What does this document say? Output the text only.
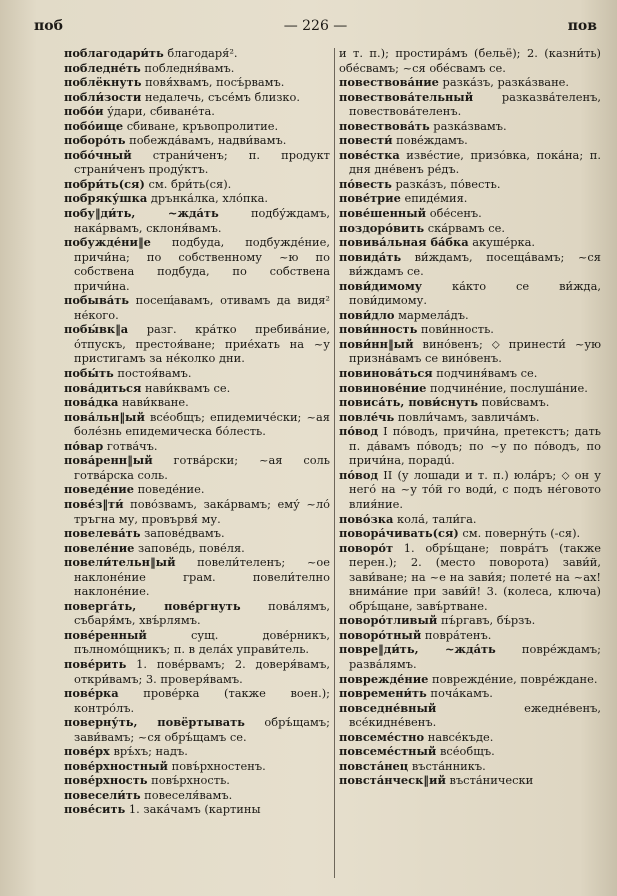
поб	— 226 —	пов

поблагодари́ть благодаря́².

побледне́ть побледня́вамъ.

поблёкнуть повя́хвамъ, посъ́рвамъ.

побли́зости недалечь, съсе́мъ близко.

побо́и у́дари, сбиване́та.

побо́ище сбиване, кръвопролитие.

поборо́ть побежда́вамъ, надви́вамъ.

побо́чный страни́ченъ; п. продукт страни́ченъ проду́ктъ.

побри́ть(ся) см. бри́ть(ся).

побряку́шка дрънка́лка, хло́пка.

побу‖ди́ть, ~жда́ть подбу́ждамъ, нака́рвамъ, склоня́вамъ.

побужде́ни‖е подбуда, подбужде́ние, причи́на; по собственному ~ю по собствена подбуда, по собствена причи́на.

побыва́ть посещ́авамъ, отивамъ да видя² не́кого.

побы́вк‖а разг. кра́тко пребива́ние, о́тпускъ, престоя́ване; прие́хать на ~у пристигамъ за не́колко дни.

побы́ть постоя́вамъ.

пова́диться нави́квамъ се.

пова́дка нави́кване.

пова́льн‖ый все́общъ; епидемиче́ски; ~ая боле́знь епидемическа бо́лесть.

по́вар готва́чъ.

пова́ренн‖ый готва́рски; ~ая соль готва́рска соль.

поведе́ние поведе́ние.

пове́з‖ти́ пово́звамъ, зака́рвамъ; ему́ ~ло́ тръгна му, провървя́ му.

повелева́ть запове́двамъ.

повеле́ние запове́дь, пове́ля.

повели́тельн‖ый повели́теленъ; ~ое наклоне́ние грам. повели́телно наклоне́ние.

поверга́ть, пове́ргнуть пова́лямъ, събаря́мъ, хвъ́рлямъ.

пове́ренный сущ. дове́рникъ, пълномо́щникъ; п. в дела́х управи́тель.

пове́рить 1. пове́рвамъ; 2. довеpя́вамъ, откри́вамъ; 3. провеpя́вамъ.

пове́рка прове́рка (также воен.); контро́лъ.

поверну́ть, повёртывать обръ́щамъ; зави́вамъ; ~ся обръ́щамъ се.

пове́рх връ́хъ; надъ.

пове́рхностный повъ́рхностенъ.

пове́рхность повъ́рхность.

повесели́ть повеселя́вамъ.

пове́сить 1. зака́чамъ (картины

и т. п.); простиpа́мъ (бельё); 2. (казни́ть) обе́свамъ; ~ся обе́свамъ се.

повествова́ние разка́зъ, разка́зване.

повествова́тельный разказва́теленъ, повествова́теленъ.

повествова́ть разка́звамъ.

повести́ пове́ждамъ.

пове́стка изве́стие, призо́вка, пока́на; п. дня дне́венъ ре́дъ.

по́весть разка́зъ, по́весть.

пове́трие епиде́мия.

пове́шенный обе́сенъ.

поздоро́вить ска́рвамъ се.

повива́льная ба́бка акуше́рка.

повида́ть ви́ждамъ, посеща́вамъ; ~ся ви́ждамъ се.

пови́димому ка́кто се ви́жда, пови́димому.

пови́дло мармела́дъ.

пови́нность пови́нность.

пови́нн‖ый вино́венъ; ⬦ принести́ ~ую призна́вамъ се вино́венъ.

повинова́ться подчиня́вамъ се.

повинове́ние подчине́ние, послуша́ние.

повиса́ть, пови́снуть пови́свамъ.

повле́чь повли́чамъ, завлича́мъ.

по́вод I по́водъ, причи́на, претекстъ; дать п. да́вамъ по́водъ; по ~у по по́водъ, по причи́на, порадú.

по́вод II (у лошади и т. п.) юла́ръ; ⬦ он у него́ на ~у то́й го води́, с подъ не́говото влия́ние.

пово́зка кола́, тали́га.

повора́чивать(ся) см. поверну́ть (-ся).

поворо́т 1. обръ́щане; повра́тъ (также перен.); 2. (место поворота) зави́й, зави́ване; на ~е на зави́я; полете́ на ~ах! внима́ние при зави́й! 3. (колеса, ключа) обръ́щане, завъ́ртване.

поворо́тливый пъ́ргавъ, бъ́рзъ.

поворо́тный повра́тенъ.

повре‖ди́ть, ~жда́ть повре́ждамъ; разва́лямъ.

поврежде́ние поврежде́ние, повре́ждане.

повремени́ть поча́камъ.

повседне́вный ежедне́венъ, все́кидне́венъ.

повсеме́стно навсе́къде.

повсеме́стный все́общъ.

повста́нец въста́нникъ.

повста́нческ‖ий въста́нически
